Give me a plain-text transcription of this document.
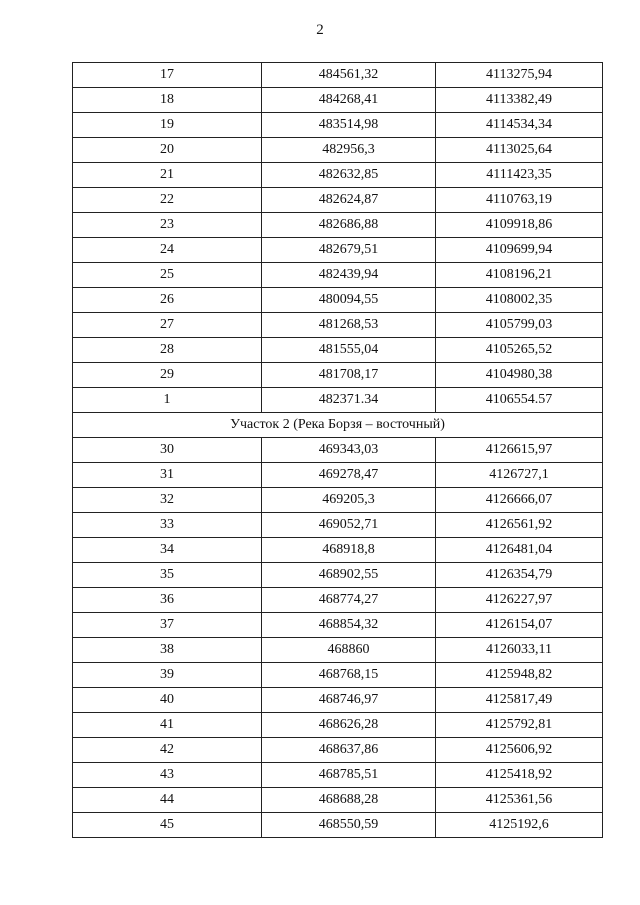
2
17	484561,32	4113275,94
18	484268,41	4113382,49
19	483514,98	4114534,34
20	482956,3	4113025,64
21	482632,85	4111423,35
22	482624,87	4110763,19
23	482686,88	4109918,86
24	482679,51	4109699,94
25	482439,94	4108196,21
26	480094,55	4108002,35
27	481268,53	4105799,03
28	481555,04	4105265,52
29	481708,17	4104980,38
1	482371.34	4106554.57
Участок 2 (Река Борзя – восточный)		
30	469343,03	4126615,97
31	469278,47	4126727,1
32	469205,3	4126666,07
33	469052,71	4126561,92
34	468918,8	4126481,04
35	468902,55	4126354,79
36	468774,27	4126227,97
37	468854,32	4126154,07
38	468860	4126033,11
39	468768,15	4125948,82
40	468746,97	4125817,49
41	468626,28	4125792,81
42	468637,86	4125606,92
43	468785,51	4125418,92
44	468688,28	4125361,56
45	468550,59	4125192,6
